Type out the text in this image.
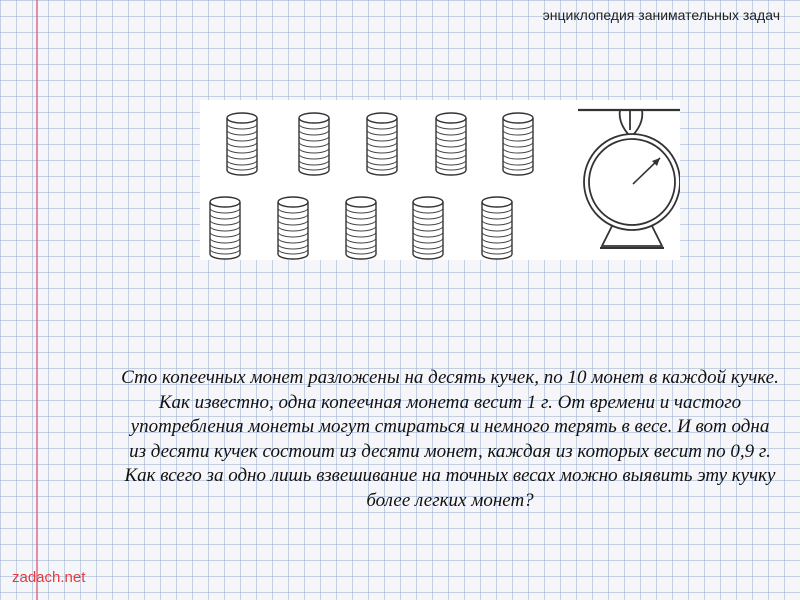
энциклопедия занимательных задач
Сто копеечных монет разложены на десять кучек, по 10 монет в каждой кучке. Как известно, одна копеечная монета весит 1 г. От времени и частого употребления монеты могут стираться и немного терять в весе. И вот одна из десяти кучек состоит из десяти монет, каждая из которых весит по 0,9 г. Как всего за одно лишь взвешивание на точных весах можно выявить эту кучку более легких монет?
zadach.net
